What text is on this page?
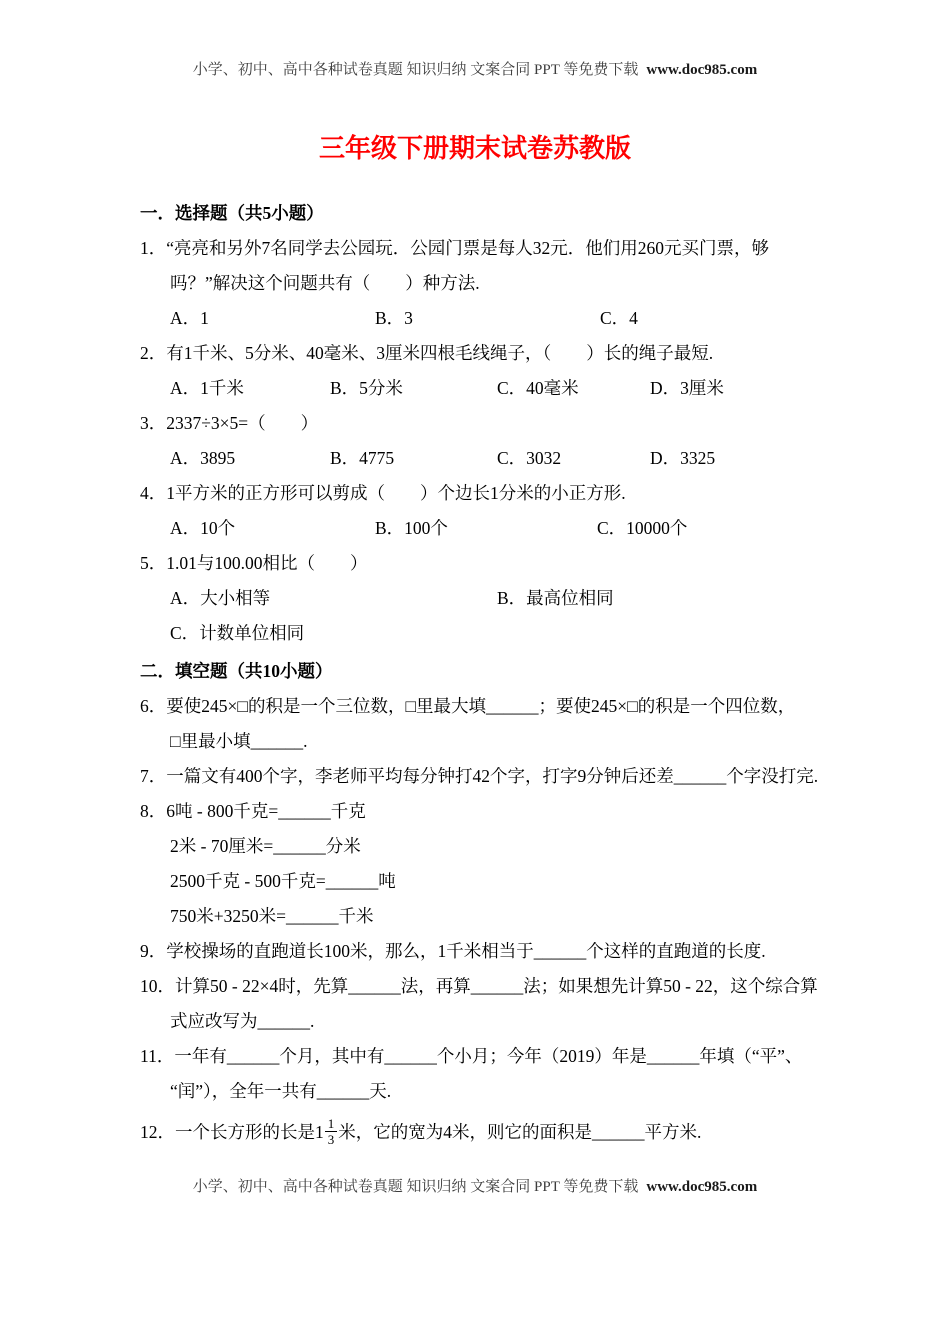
小学、初中、高中各种试卷真题 知识归纳 文案合同 PPT 等免费下载 www.doc985.com
三年级下册期末试卷苏教版
一．选择题（共5小题）
1．“亮亮和另外7名同学去公园玩．公园门票是每人32元．他们用260元买门票，够
吗？”解决这个问题共有（　　）种方法.
A．1	B．3	C．4
2．有1千米、5分米、40毫米、3厘米四根毛线绳子，（　　）长的绳子最短.
A．1千米	B．5分米	C．40毫米	D．3厘米
3．2337÷3×5=（　　）
A．3895	B．4775	C．3032	D．3325
4．1平方米的正方形可以剪成（　　）个边长1分米的小正方形.
A．10个	B．100个	C．10000个
5．1.01与100.00相比（　　）
A．大小相等	B．最高位相同
C．计数单位相同
二．填空题（共10小题）
6．要使245×□的积是一个三位数，□里最大填______；要使245×□的积是一个四位数，
□里最小填______.
7．一篇文有400个字，李老师平均每分钟打42个字，打字9分钟后还差______个字没打完.
8．6吨 - 800千克=______千克
2米 - 70厘米=______分米
2500千克 - 500千克=______吨
750米+3250米=______千米
9．学校操场的直跑道长100米，那么，1千米相当于______个这样的直跑道的长度.
10．计算50 - 22×4时，先算______法，再算______法；如果想先计算50 - 22，这个综合算
式应改写为______.
11．一年有______个月，其中有______个小月；今年（2019）年是______年填（“平”、
“闰”），全年一共有______天.
12．一个长方形的长是$1 \frac{1}{3}$ 米，它的宽为4米，则它的面积是______平方米.
小学、初中、高中各种试卷真题 知识归纳 文案合同 PPT 等免费下载 www.doc985.com
